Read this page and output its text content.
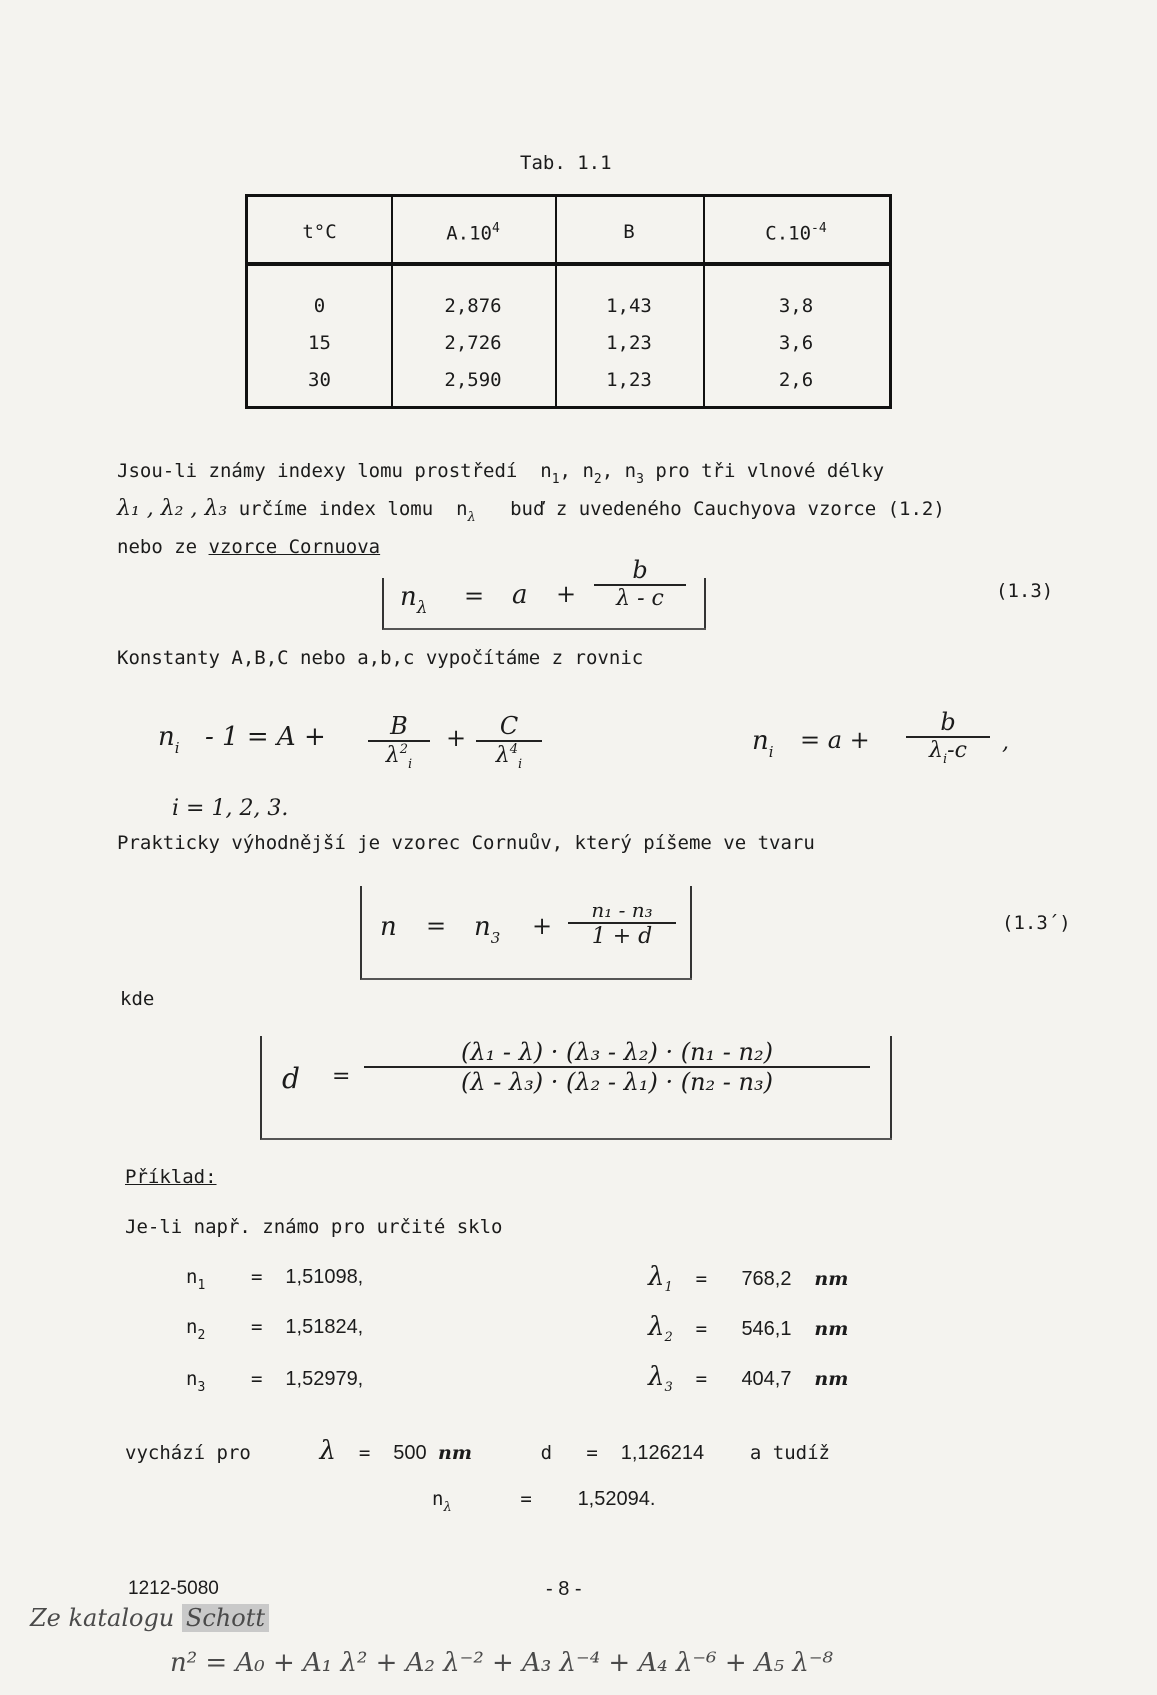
Tab. 1.1
t°C	$A.10^4$	B	$C.10^{-4}$
0	2,876	1,43	3,8
15	2,726	1,23	3,6
30	2,590	1,23	2,6
Jsou-li známy indexy lomu prostředí $n_1$, $n_2$, $n_3$ pro tři vlnové délky
λ₁ , λ₂ , λ₃ určíme index lomu $n_\lambda$ buď z uvedeného Cauchyova vzorce (1.2)
nebo ze vzorce Cornuova
$n_\lambda = a$ +
b
λ - c	(1.3)
Konstanty A,B,C nebo a,b,c vypočítáme z rovnic
$n_i - 1 = A$ +	B
$\lambda^2_i$
+	C
$\lambda^4_i$
$n_i = a$ +
b
$\lambda_i-c$	,
i = 1, 2, 3.
Prakticky výhodnější je vzorec Cornuův, který píšeme ve tvaru
$n = n_3$ +
n₁ - n₃
1 + d
(1.3´)
kde
d =
(λ₁ - λ) · (λ₃ - λ₂) · (n₁ - n₂)
(λ - λ₃) · (λ₂ - λ₁) · (n₂ - n₃)
Příklad:
Je-li např. známo pro určité sklo
$n_1 = 1,51098$,
$n_2 = 1,51824$,
$n_3 = 1,52979$,
$\lambda_1 = 768,2$ nm
$\lambda_2 = 546,1$ nm
$\lambda_3 = 404,7$ nm
vychází pro	λ = 500 nm	d = 1,126214 a tudíž
$n_\lambda$	= 1,52094.
1212-5080	- 8 -
Ze katalogu Schott
n² = A₀ + A₁ λ² + A₂ λ⁻² + A₃ λ⁻⁴ + A₄ λ⁻⁶ + A₅ λ⁻⁸
